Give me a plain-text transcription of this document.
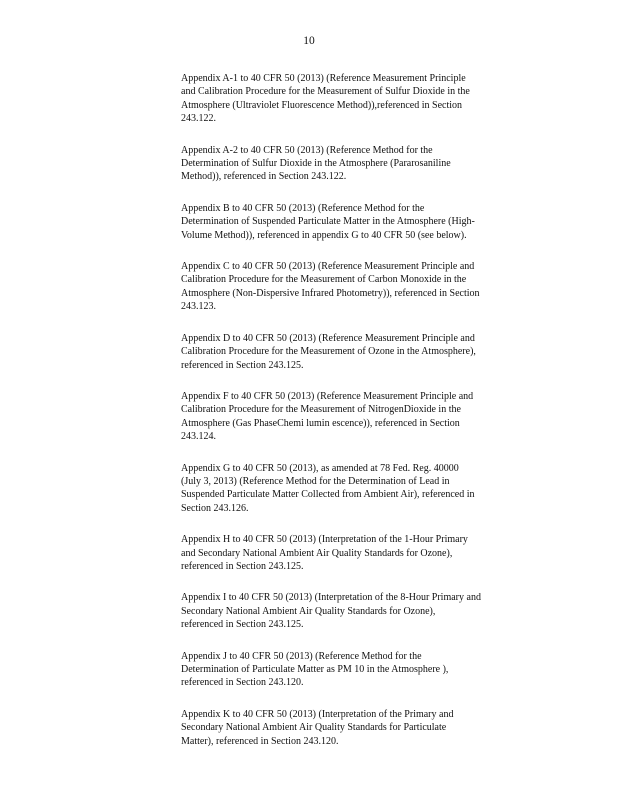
10

Appendix A-1 to 40 CFR 50 (2013) (Reference Measurement Principle
and Calibration Procedure for the Measurement of Sulfur Dioxide in the
Atmosphere (Ultraviolet Fluorescence Method)),referenced in Section
243.122.

Appendix A-2 to 40 CFR 50 (2013) (Reference Method for the
Determination of Sulfur Dioxide in the Atmosphere (Pararosaniline
Method)), referenced in Section 243.122.

Appendix B to 40 CFR 50 (2013) (Reference Method for the
Determination of Suspended Particulate Matter in the Atmosphere (High-
Volume Method)), referenced in appendix G to 40 CFR 50 (see below).

Appendix C to 40 CFR 50 (2013) (Reference Measurement Principle and
Calibration Procedure for the Measurement of Carbon Monoxide in the
Atmosphere (Non-Dispersive Infrared Photometry)), referenced in Section
243.123.

Appendix D to 40 CFR 50 (2013) (Reference Measurement Principle and
Calibration Procedure for the Measurement of Ozone in the Atmosphere),
referenced in Section 243.125.

Appendix F to 40 CFR 50 (2013) (Reference Measurement Principle and
Calibration Procedure for the Measurement of NitrogenDioxide in the
Atmosphere (Gas PhaseChemi lumin escence)), referenced in Section
243.124.

Appendix G to 40 CFR 50 (2013), as amended at 78 Fed. Reg. 40000
(July 3, 2013) (Reference Method for the Determination of Lead in
Suspended Particulate Matter Collected from Ambient Air), referenced in
Section 243.126.

Appendix H to 40 CFR 50 (2013) (Interpretation of the 1-Hour Primary
and Secondary National Ambient Air Quality Standards for Ozone),
referenced in Section 243.125.

Appendix I to 40 CFR 50 (2013) (Interpretation of the 8-Hour Primary and
Secondary National Ambient Air Quality Standards for Ozone),
referenced in Section 243.125.

Appendix J to 40 CFR 50 (2013) (Reference Method for the
Determination of Particulate Matter as PM 10 in the Atmosphere ),
referenced in Section 243.120.

Appendix K to 40 CFR 50 (2013) (Interpretation of the Primary and
Secondary National Ambient Air Quality Standards for Particulate
Matter), referenced in Section 243.120.
